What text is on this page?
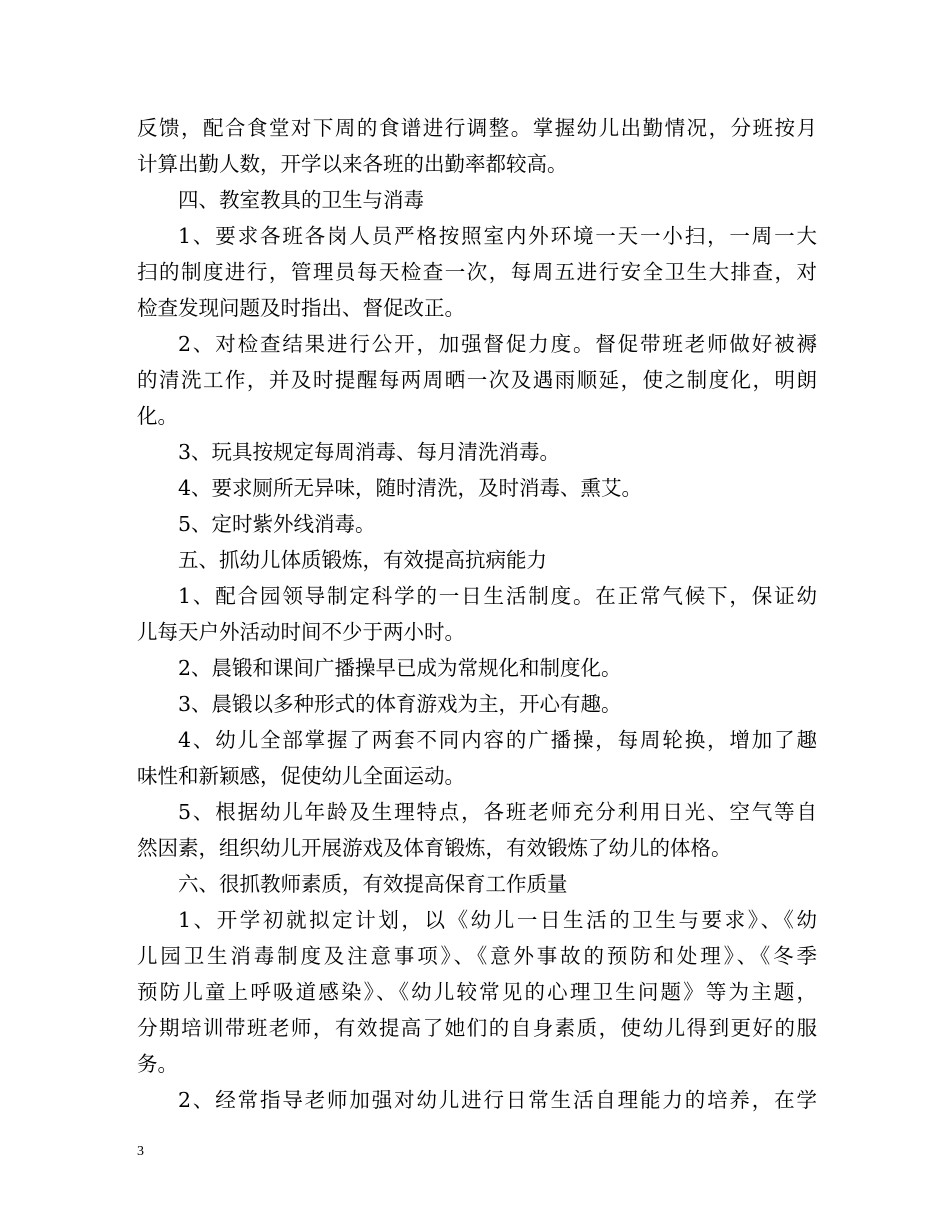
反馈，配合食堂对下周的食谱进行调整。掌握幼儿出勤情况，分班按月
计算出勤人数，开学以来各班的出勤率都较高。
四、教室教具的卫生与消毒
1、要求各班各岗人员严格按照室内外环境一天一小扫，一周一大
扫的制度进行，管理员每天检查一次，每周五进行安全卫生大排查，对
检查发现问题及时指出、督促改正。
2、对检查结果进行公开，加强督促力度。督促带班老师做好被褥
的清洗工作，并及时提醒每两周晒一次及遇雨顺延，使之制度化，明朗
化。
3、玩具按规定每周消毒、每月清洗消毒。
4、要求厕所无异味，随时清洗，及时消毒、熏艾。
5、定时紫外线消毒。
五、抓幼儿体质锻炼，有效提高抗病能力
1、配合园领导制定科学的一日生活制度。在正常气候下，保证幼
儿每天户外活动时间不少于两小时。
2、晨锻和课间广播操早已成为常规化和制度化。
3、晨锻以多种形式的体育游戏为主，开心有趣。
4、幼儿全部掌握了两套不同内容的广播操，每周轮换，增加了趣
味性和新颖感，促使幼儿全面运动。
5、根据幼儿年龄及生理特点，各班老师充分利用日光、空气等自
然因素，组织幼儿开展游戏及体育锻炼，有效锻炼了幼儿的体格。
六、很抓教师素质，有效提高保育工作质量
1、开学初就拟定计划，以《幼儿一日生活的卫生与要求》、《幼
儿园卫生消毒制度及注意事项》、《意外事故的预防和处理》、《冬季
预防儿童上呼吸道感染》、《幼儿较常见的心理卫生问题》等为主题，
分期培训带班老师，有效提高了她们的自身素质，使幼儿得到更好的服
务。
2、经常指导老师加强对幼儿进行日常生活自理能力的培养，在学
3
